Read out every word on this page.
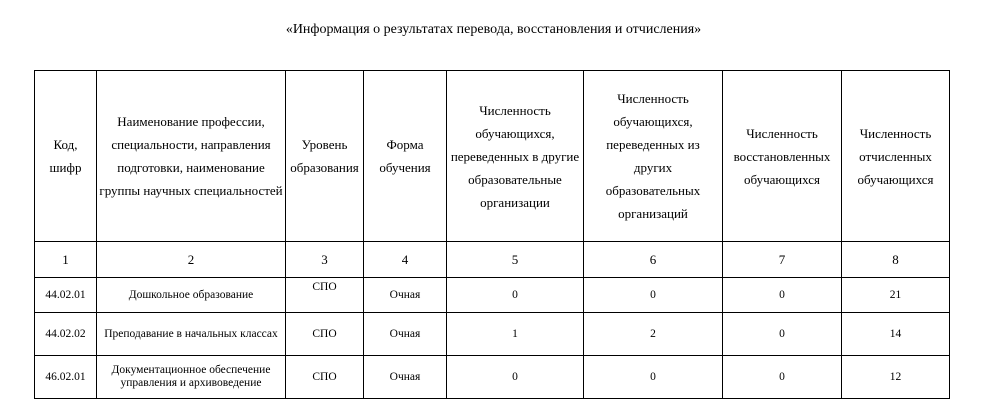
«Информация о результатах перевода, восстановления и отчисления»
Код, шифр	Наименование профессии, специальности, направления подготовки, наименование группы научных специальностей	Уровень образования	Форма обучения	Численность обучающихся, переведенных в другие образовательные организации	Численность обучающихся, переведенных из других образовательных организаций	Численность восстановленных обучающихся	Численность отчисленных обучающихся
1	2	3	4	5	6	7	8
44.02.01	Дошкольное образование	СПО	Очная	0	0	0	21
44.02.02	Преподавание в начальных классах	СПО	Очная	1	2	0	14
46.02.01	Документационное обеспечение управления и архивоведение	СПО	Очная	0	0	0	12
